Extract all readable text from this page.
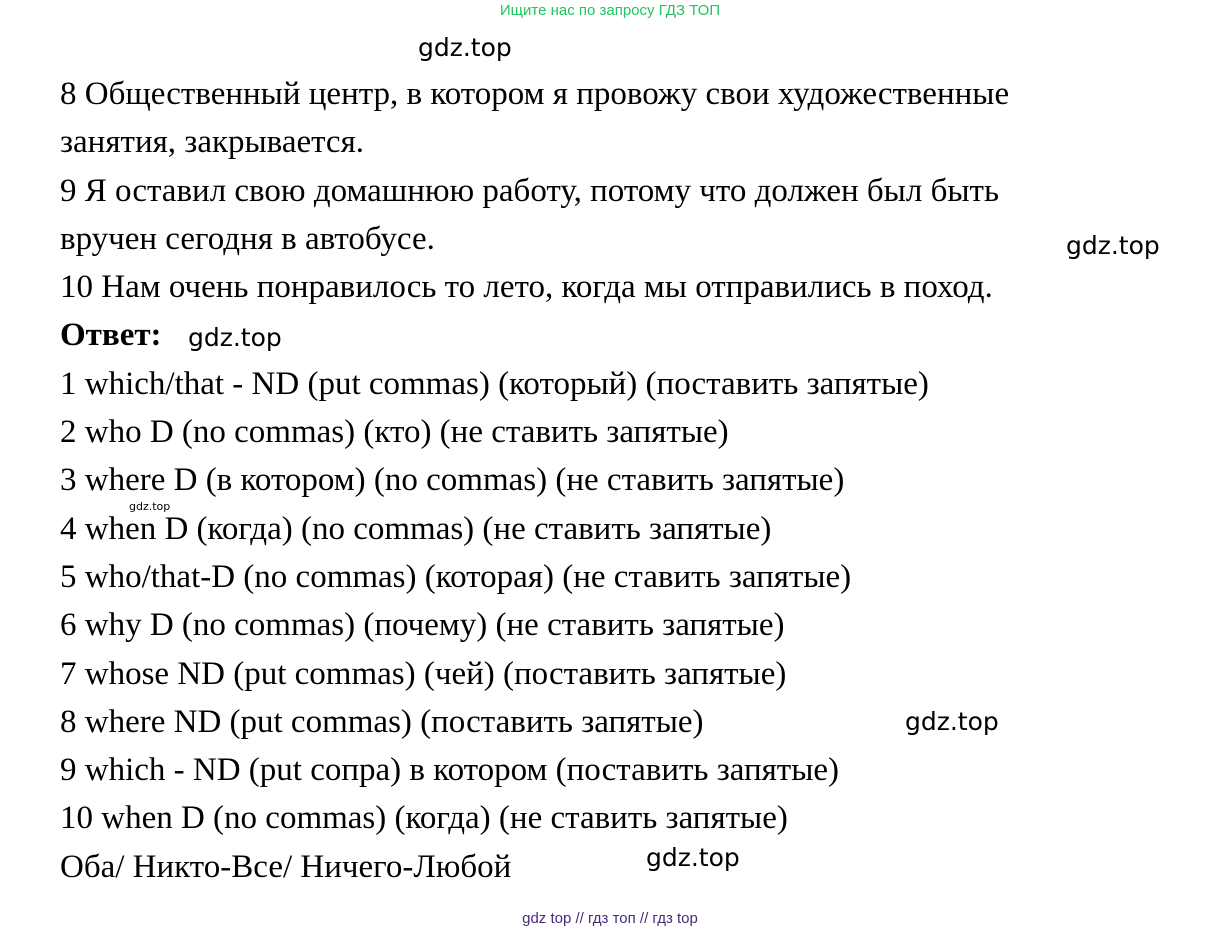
Ищите нас по запросу ГДЗ ТОП
gdz.top
gdz.top
gdz.top
gdz.top
gdz.top
gdz.top

8 Общественный центр, в котором я провожу свои художественные

занятия, закрывается.

9 Я оставил свою домашнюю работу, потому что должен был быть

вручен сегодня в автобусе.

10 Нам очень понравилось то лето, когда мы отправились в поход.

Ответ:

1 which/that - ND (put commas) (который) (поставить запятые)

2 who D (no commas) (кто) (не ставить запятые)

3 where D (в котором) (no commas) (не ставить запятые)

4 when D (когда) (no commas) (не ставить запятые)

5 who/that-D (no commas) (которая) (не ставить запятые)

6 why D (no commas) (почему) (не ставить запятые)

7 whose ND (put commas) (чей) (поставить запятые)

8 where ND (put commas) (поставить запятые)

9 which - ND (put сопра) в котором (поставить запятые)

10 when D (no commas) (когда) (не ставить запятые)

Оба/ Никто-Все/ Ничего-Любой

gdz top // гдз топ // гдз top
